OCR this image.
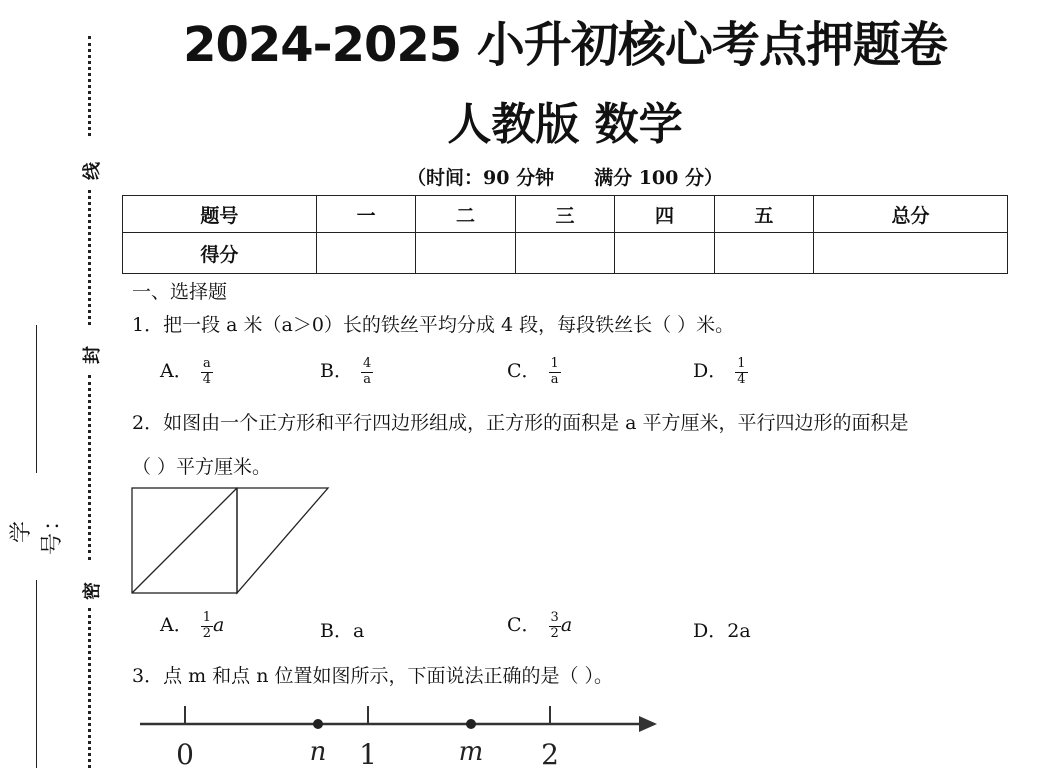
线
封
密
学号：
2024-2025 小升初核心考点押题卷
人教版 数学
（时间：90 分钟 满分 100 分）
题号	一	二	三	四	五	总分
得分						
一、选择题
1．把一段 a 米（a＞0）长的铁丝平均分成 4 段，每段铁丝长（ ）米。
A． $\frac{a}{4}$	B． $\frac{4}{a}$	C． $\frac{1}{a}$	D． $\frac{1}{4}$
2．如图由一个正方形和平行四边形组成，正方形的面积是 a 平方厘米，平行四边形的面积是
（ ）平方厘米。
A． $\frac{1}{2}$ a	B．a	C． $\frac{3}{2}$ a	D．2a
3．点 m 和点 n 位置如图所示，下面说法正确的是（ ）。
0	1	2
n	m
